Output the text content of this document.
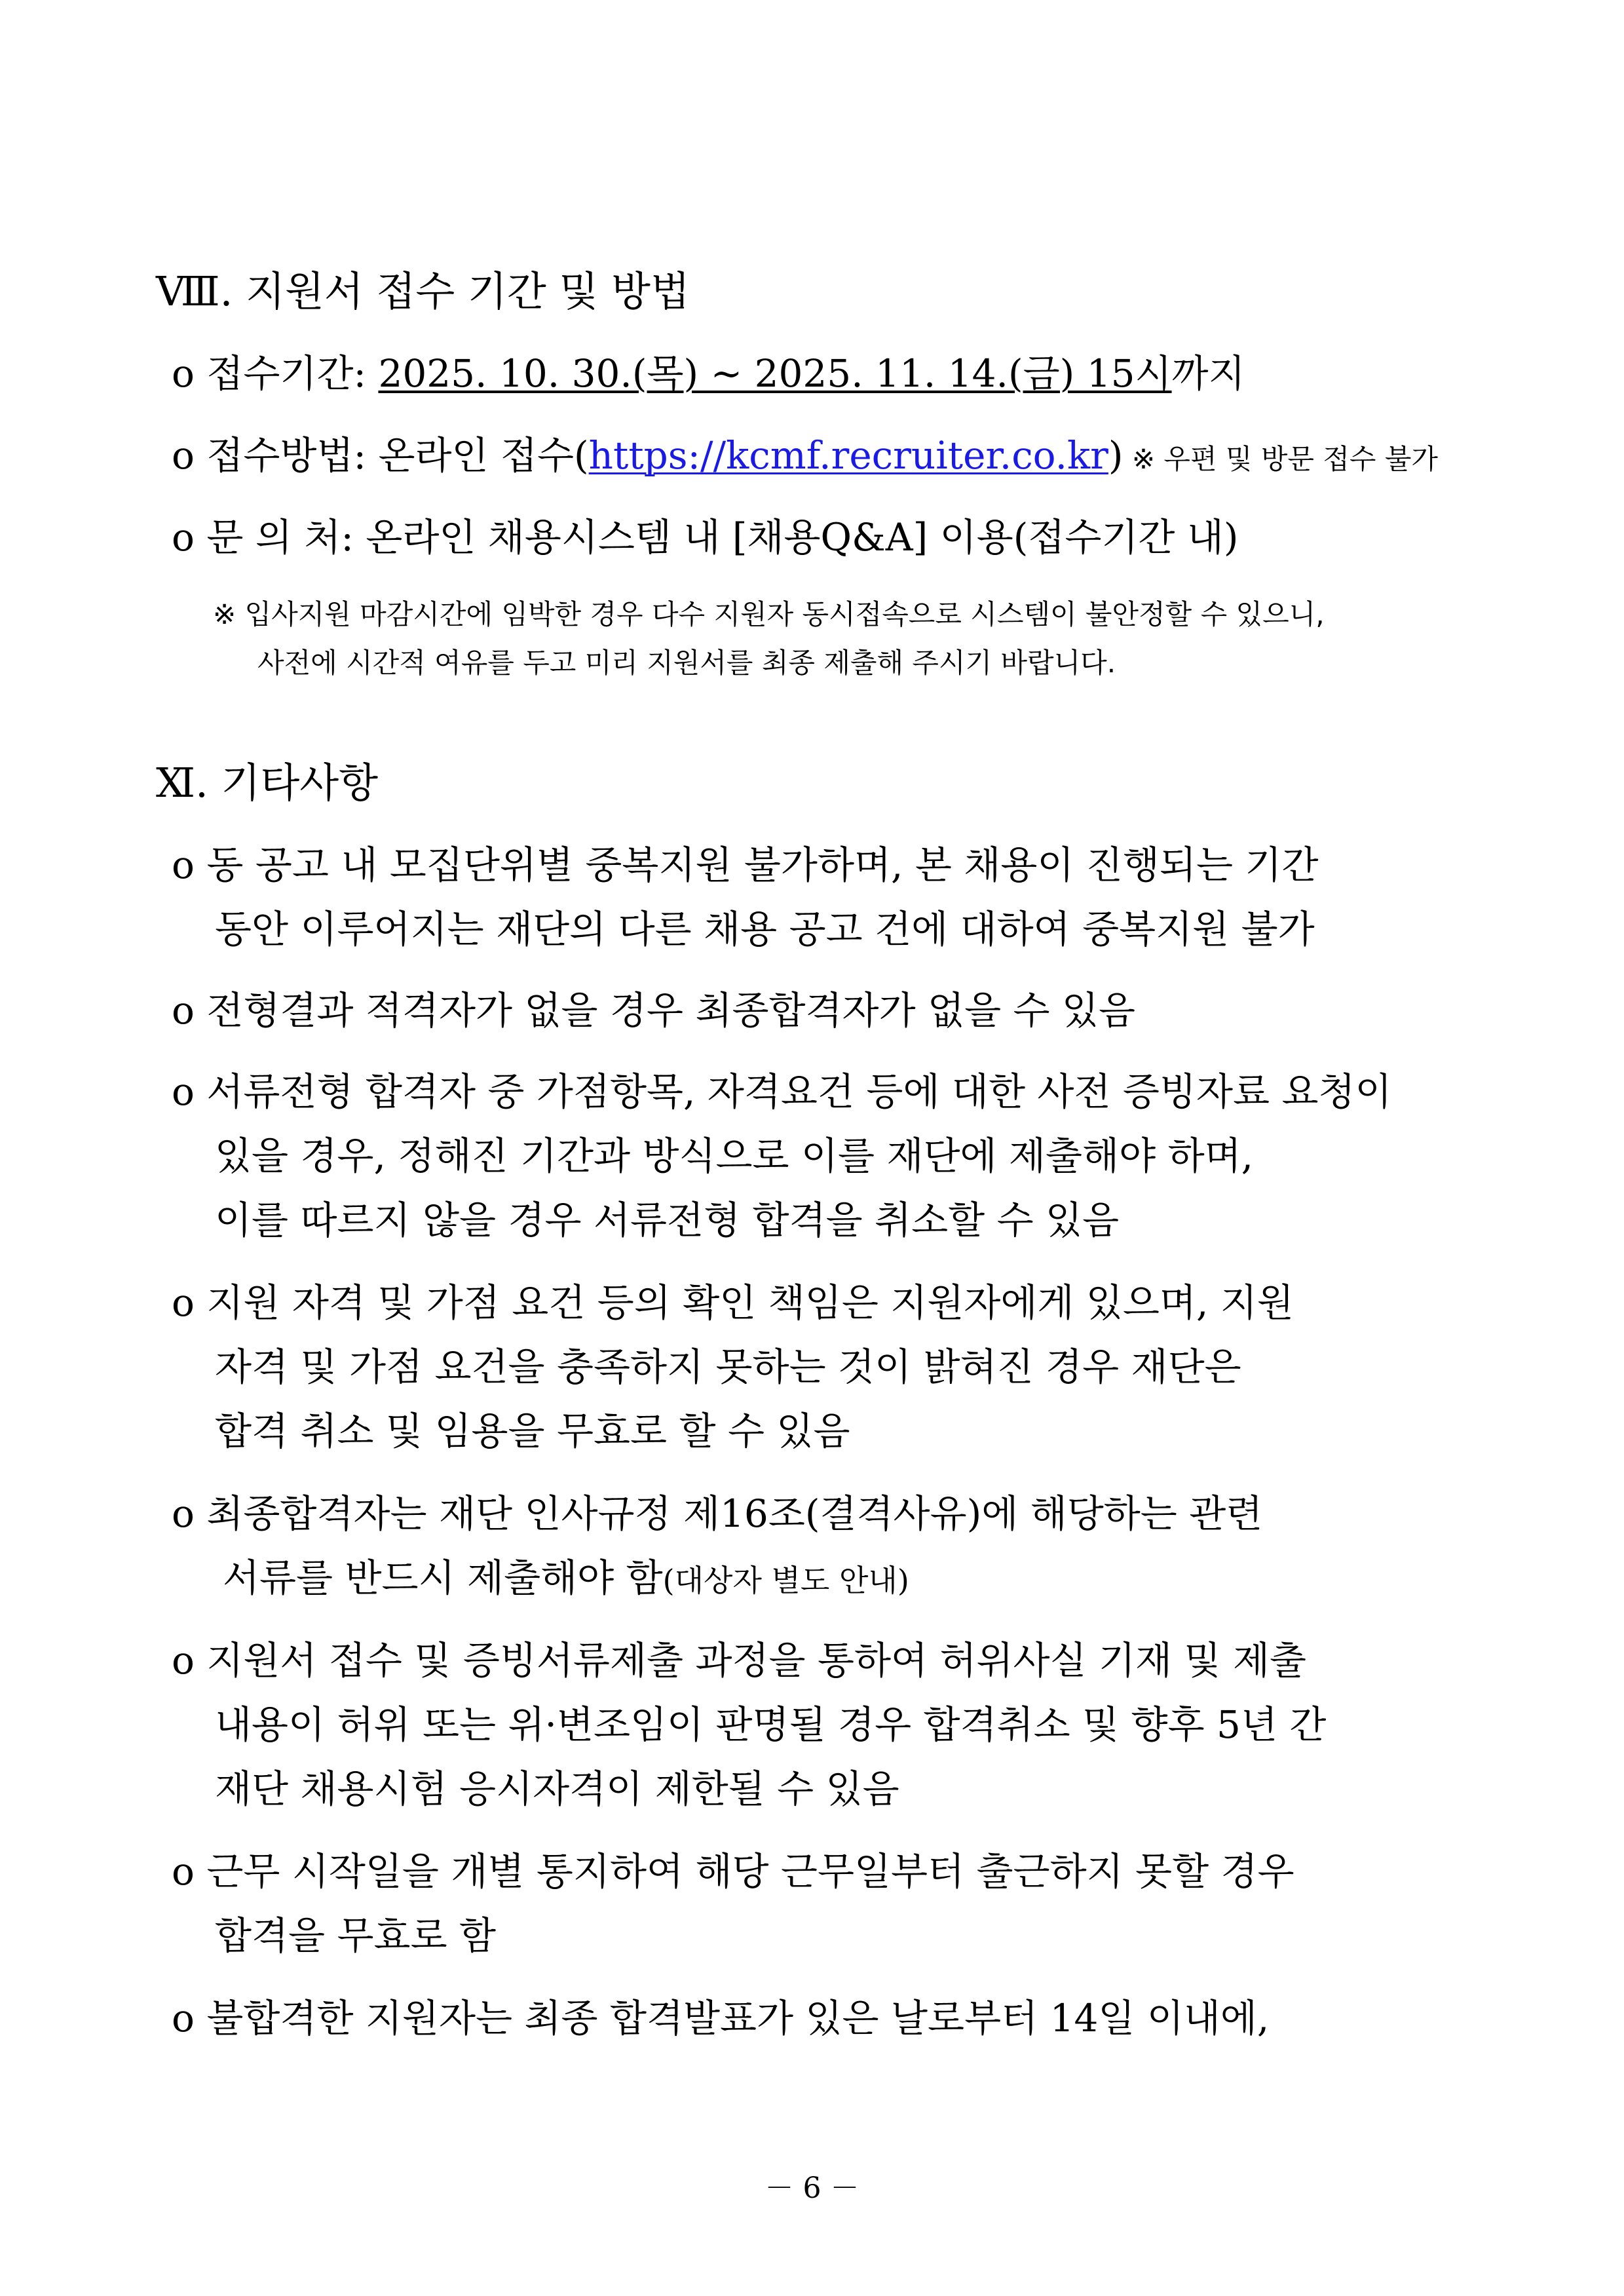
Ⅷ. 지원서 접수 기간 및 방법
o 접수기간: 2025. 10. 30.(목) ~ 2025. 11. 14.(금) 15시까지
o 접수방법: 온라인 접수(https://kcmf.recruiter.co.kr) ※ 우편 및 방문 접수 불가
o 문 의 처: 온라인 채용시스템 내 [채용Q&A] 이용(접수기간 내)
※ 입사지원 마감시간에 임박한 경우 다수 지원자 동시접속으로 시스템이 불안정할 수 있으니,
사전에 시간적 여유를 두고 미리 지원서를 최종 제출해 주시기 바랍니다.
Ⅺ. 기타사항
o 동 공고 내 모집단위별 중복지원 불가하며, 본 채용이 진행되는 기간
동안 이루어지는 재단의 다른 채용 공고 건에 대하여 중복지원 불가
o 전형결과 적격자가 없을 경우 최종합격자가 없을 수 있음
o 서류전형 합격자 중 가점항목, 자격요건 등에 대한 사전 증빙자료 요청이
있을 경우, 정해진 기간과 방식으로 이를 재단에 제출해야 하며,
이를 따르지 않을 경우 서류전형 합격을 취소할 수 있음
o 지원 자격 및 가점 요건 등의 확인 책임은 지원자에게 있으며, 지원
자격 및 가점 요건을 충족하지 못하는 것이 밝혀진 경우 재단은
합격 취소 및 임용을 무효로 할 수 있음
o 최종합격자는 재단 인사규정 제16조(결격사유)에 해당하는 관련
서류를 반드시 제출해야 함(대상자 별도 안내)
o 지원서 접수 및 증빙서류제출 과정을 통하여 허위사실 기재 및 제출
내용이 허위 또는 위·변조임이 판명될 경우 합격취소 및 향후 5년 간
재단 채용시험 응시자격이 제한될 수 있음
o 근무 시작일을 개별 통지하여 해당 근무일부터 출근하지 못할 경우
합격을 무효로 함
o 불합격한 지원자는 최종 합격발표가 있은 날로부터 14일 이내에,
－ 6 －
